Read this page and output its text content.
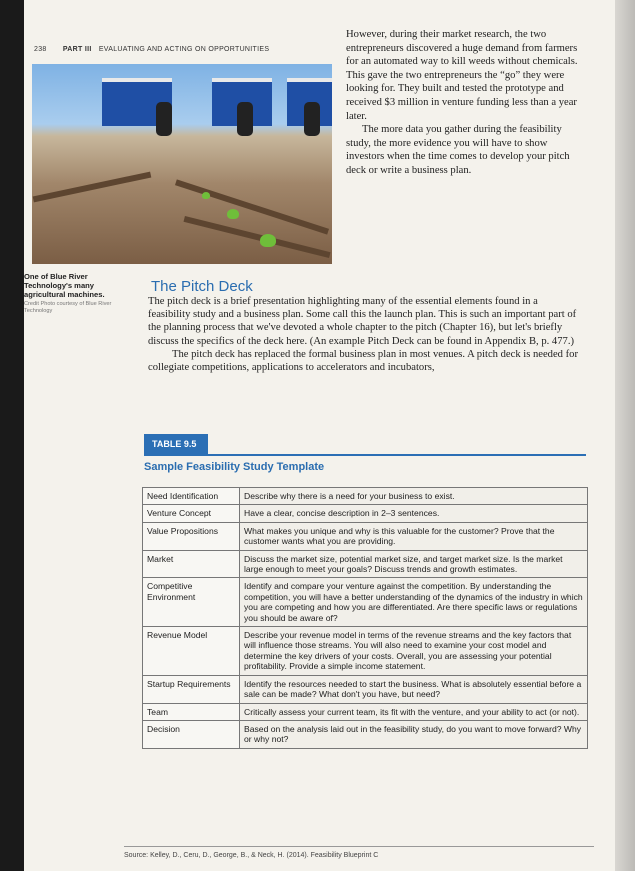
238 PART III EVALUATING AND ACTING ON OPPORTUNITIES
One of Blue River Technology's many agricultural machines.
Credit Photo courtesy of Blue River Technology

However, during their market research, the two entrepreneurs discovered a huge demand from farmers for an automated way to kill weeds without chemicals. This gave the two entrepreneurs the “go” they were looking for. They built and tested the prototype and received $3 million in venture funding less than a year later.

The more data you gather during the feasibility study, the more evidence you will have to show investors when the time comes to develop your pitch deck or write a business plan.

The Pitch Deck

The pitch deck is a brief presentation highlighting many of the essential elements found in a feasibility study and a business plan. Some call this the launch plan. This is such an important part of the planning process that we've devoted a whole chapter to the pitch (Chapter 16), but let's briefly discuss the specifics of the deck here. (An example Pitch Deck can be found in Appendix B, p. 477.)

The pitch deck has replaced the formal business plan in most venues. A pitch deck is needed for collegiate competitions, applications to accelerators and incubators,

TABLE 9.5
Sample Feasibility Study Template
Need Identification	Describe why there is a need for your business to exist.
Venture Concept	Have a clear, concise description in 2–3 sentences.
Value Propositions	What makes you unique and why is this valuable for the customer? Prove that the customer wants what you are providing.
Market	Discuss the market size, potential market size, and target market size. Is the market large enough to meet your goals? Discuss trends and growth estimates.
Competitive Environment	Identify and compare your venture against the competition. By understanding the competition, you will have a better understanding of the dynamics of the industry in which you are competing and how you are differentiated. Are there specific laws or regulations you should be aware of?
Revenue Model	Describe your revenue model in terms of the revenue streams and the key factors that will influence those streams. You will also need to examine your cost model and determine the key drivers of your costs. Overall, you are assessing your potential profitability. Provide a simple income statement.
Startup Requirements	Identify the resources needed to start the business. What is absolutely essential before a sale can be made? What don't you have, but need?
Team	Critically assess your current team, its fit with the venture, and your ability to act (or not).
Decision	Based on the analysis laid out in the feasibility study, do you want to move forward? Why or why not?
Source: Kelley, D., Ceru, D., George, B., & Neck, H. (2014). Feasibility Blueprint C
